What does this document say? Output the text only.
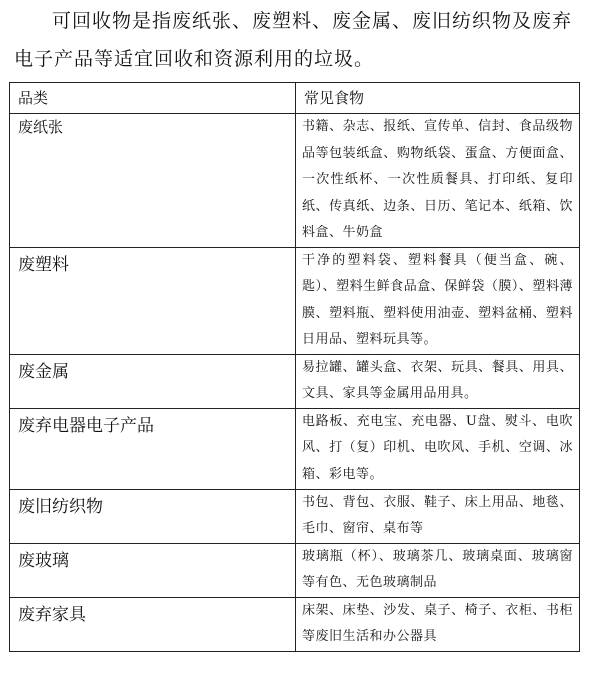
可回收物是指废纸张、废塑料、废金属、废旧纺织物及废弃电子产品等适宜回收和资源利用的垃圾。

品类	常见食物
废纸张	书籍、杂志、报纸、宣传单、信封、食品级物品等包装纸盒、购物纸袋、蛋盒、方便面盒、一次性纸杯、一次性质餐具、打印纸、复印纸、传真纸、边条、日历、笔记本、纸箱、饮料盒、牛奶盒
废塑料	干净的塑料袋、塑料餐具（便当盒、碗、匙）、塑料生鲜食品盒、保鲜袋（膜）、塑料薄膜、塑料瓶、塑料使用油壶、塑料盆桶、塑料日用品、塑料玩具等。
废金属	易拉罐、罐头盒、衣架、玩具、餐具、用具、文具、家具等金属用品用具。
废弃电器电子产品	电路板、充电宝、充电器、U盘、熨斗、电吹风、打（复）印机、电吹风、手机、空调、冰箱、彩电等。
废旧纺织物	书包、背包、衣服、鞋子、床上用品、地毯、毛巾、窗帘、桌布等
废玻璃	玻璃瓶（杯）、玻璃茶几、玻璃桌面、玻璃窗等有色、无色玻璃制品
废弃家具	床架、床垫、沙发、桌子、椅子、衣柜、书柜等废旧生活和办公器具
